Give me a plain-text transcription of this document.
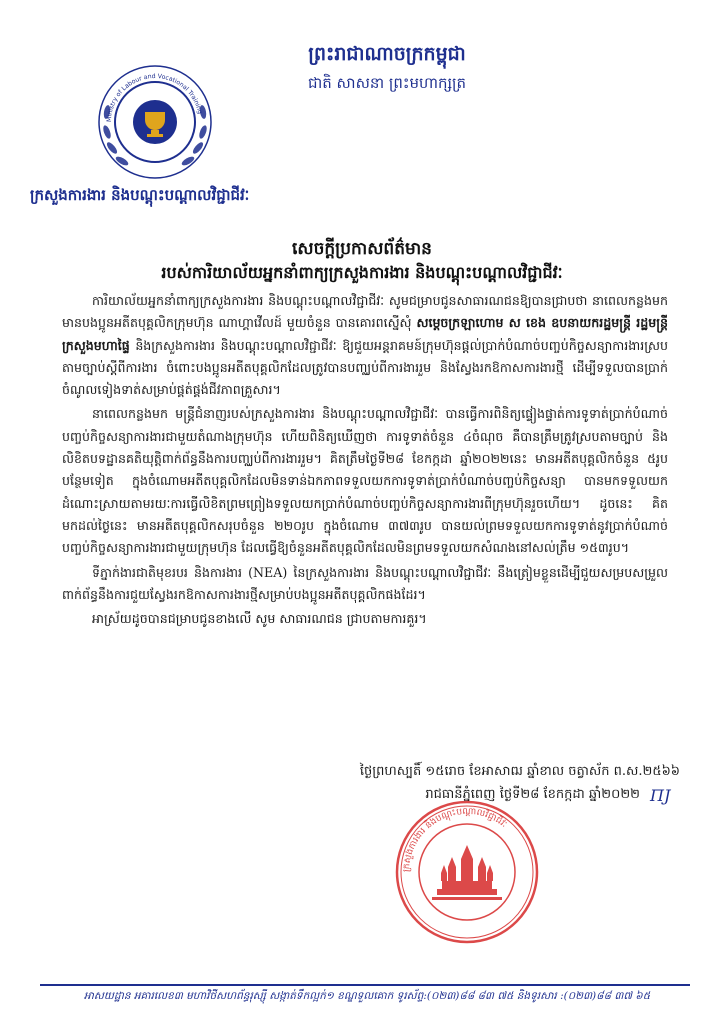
Ministry of Labour and Vocational Training
ព្រះរាជាណាចក្រកម្ពុជា
ជាតិ សាសនា ព្រះមហាក្សត្រ
ក្រសួងការងារ និងបណ្តុះបណ្តាលវិជ្ជាជីវៈ
សេចក្តីប្រកាសព័ត៌មាន
របស់ការិយាល័យអ្នកនាំពាក្យក្រសួងការងារ និងបណ្តុះបណ្តាលវិជ្ជាជីវៈ

ការិយាល័យអ្នកនាំពាក្យក្រសួងការងារ និងបណ្តុះបណ្តាលវិជ្ជាជីវៈ សូមជម្រាបជូនសាធារណជនឱ្យបានជ្រាបថា នាពេលកន្លងមក មានបងប្អូនអតីតបុគ្គលិកក្រុមហ៊ុន ណាហ្គាវើលដ៍ មួយចំនួន បានគោរពស្នើសុំ សម្តេចក្រឡាហោម ស ខេង ឧបនាយករដ្ឋមន្ត្រី រដ្ឋមន្ត្រីក្រសួងមហាផ្ទៃ និងក្រសួងការងារ និងបណ្តុះបណ្តាលវិជ្ជាជីវៈ ឱ្យជួយអន្តរាគមន៍ក្រុមហ៊ុនផ្តល់ប្រាក់បំណាច់បញ្ចប់កិច្ចសន្យាការងារស្របតាមច្បាប់ស្តីពីការងារ ចំពោះបងប្អូនអតីតបុគ្គលិកដែលត្រូវបានបញ្ឈប់ពីការងាររួម និងស្វែងរកឱកាសការងារថ្មី ដើម្បីទទួលបានប្រាក់ចំណូលទៀងទាត់សម្រាប់ផ្គត់ផ្គង់ជីវភាពគ្រួសារ។

នាពេលកន្លងមក មន្ត្រីជំនាញរបស់ក្រសួងការងារ និងបណ្តុះបណ្តាលវិជ្ជាជីវៈ បានធ្វើការពិនិត្យផ្ទៀងផ្ទាត់ការទូទាត់ប្រាក់បំណាច់បញ្ចប់កិច្ចសន្យាការងារជាមួយតំណាងក្រុមហ៊ុន ហើយពិនិត្យឃើញថា ការទូទាត់ចំនួន ៤ចំណុច គឺបានត្រឹមត្រូវស្របតាមច្បាប់ និងលិខិតបទដ្ឋានគតិយុត្តិពាក់ព័ន្ធនឹងការបញ្ឈប់ពីការងាររួម។ គិតត្រឹមថ្ងៃទី២៨ ខែកក្កដា ឆ្នាំ២០២២នេះ មានអតីតបុគ្គលិកចំនួន ៥រូប បន្ថែមទៀត ក្នុងចំណោមអតីតបុគ្គលិកដែលមិនទាន់ឯកភាពទទួលយកការទូទាត់ប្រាក់បំណាច់បញ្ចប់កិច្ចសន្យា បានមកទទួលយកដំណោះស្រាយតាមរយៈការធ្វើលិខិតព្រមព្រៀងទទួលយកប្រាក់បំណាច់បញ្ចប់កិច្ចសន្យាការងារពីក្រុមហ៊ុនរួចហើយ។ ដូចនេះ គិតមកដល់ថ្ងៃនេះ មានអតីតបុគ្គលិកសរុបចំនួន ២២០រូប ក្នុងចំណោម ៣៧៣រូប បានយល់ព្រមទទួលយកការទូទាត់នូវប្រាក់បំណាច់បញ្ចប់កិច្ចសន្យាការងារជាមួយក្រុមហ៊ុន ដែលធ្វើឱ្យចំនួនអតីតបុគ្គលិកដែលមិនព្រមទទួលយកសំណងនៅសល់ត្រឹម ១៥៣រូប។

ទីភ្នាក់ងារជាតិមុខរបរ និងការងារ (NEA) នៃក្រសួងការងារ និងបណ្តុះបណ្តាលវិជ្ជាជីវៈ នឹងត្រៀមខ្លួនដើម្បីជួយសម្របសម្រួលពាក់ព័ន្ធនឹងការជួយស្វែងរកឱកាសការងារថ្មីសម្រាប់បងប្អូនអតីតបុគ្គលិកផងដែរ។

អាស្រ័យដូចបានជម្រាបជូនខាងលើ សូម សាធារណជន ជ្រាបតាមការគួរ។

ថ្ងៃព្រហស្បតិ៍ ១៥រោច ខែអាសាឍ ឆ្នាំខាល ចត្វាស័ក ព.ស.២៥៦៦
រាជធានីភ្នំពេញ ថ្ងៃទី២៨ ខែកក្កដា ឆ្នាំ២០២២ ПJ
ក្រសួងការងារ និងបណ្តុះបណ្តាលវិជ្ជាជីវៈ
អាសយដ្ឋាន អគារលេខ៣ មហាវិថីសហព័ន្ធរុស្ស៊ី សង្កាត់ទឹកល្អក់១ ខណ្ឌទួលគោក ទូរស័ព្ទ:(០២៣)៨៨ ៨៣ ៧៥ និងទូរសារ :(០២៣)៨៨ ៣៧ ៦៥
